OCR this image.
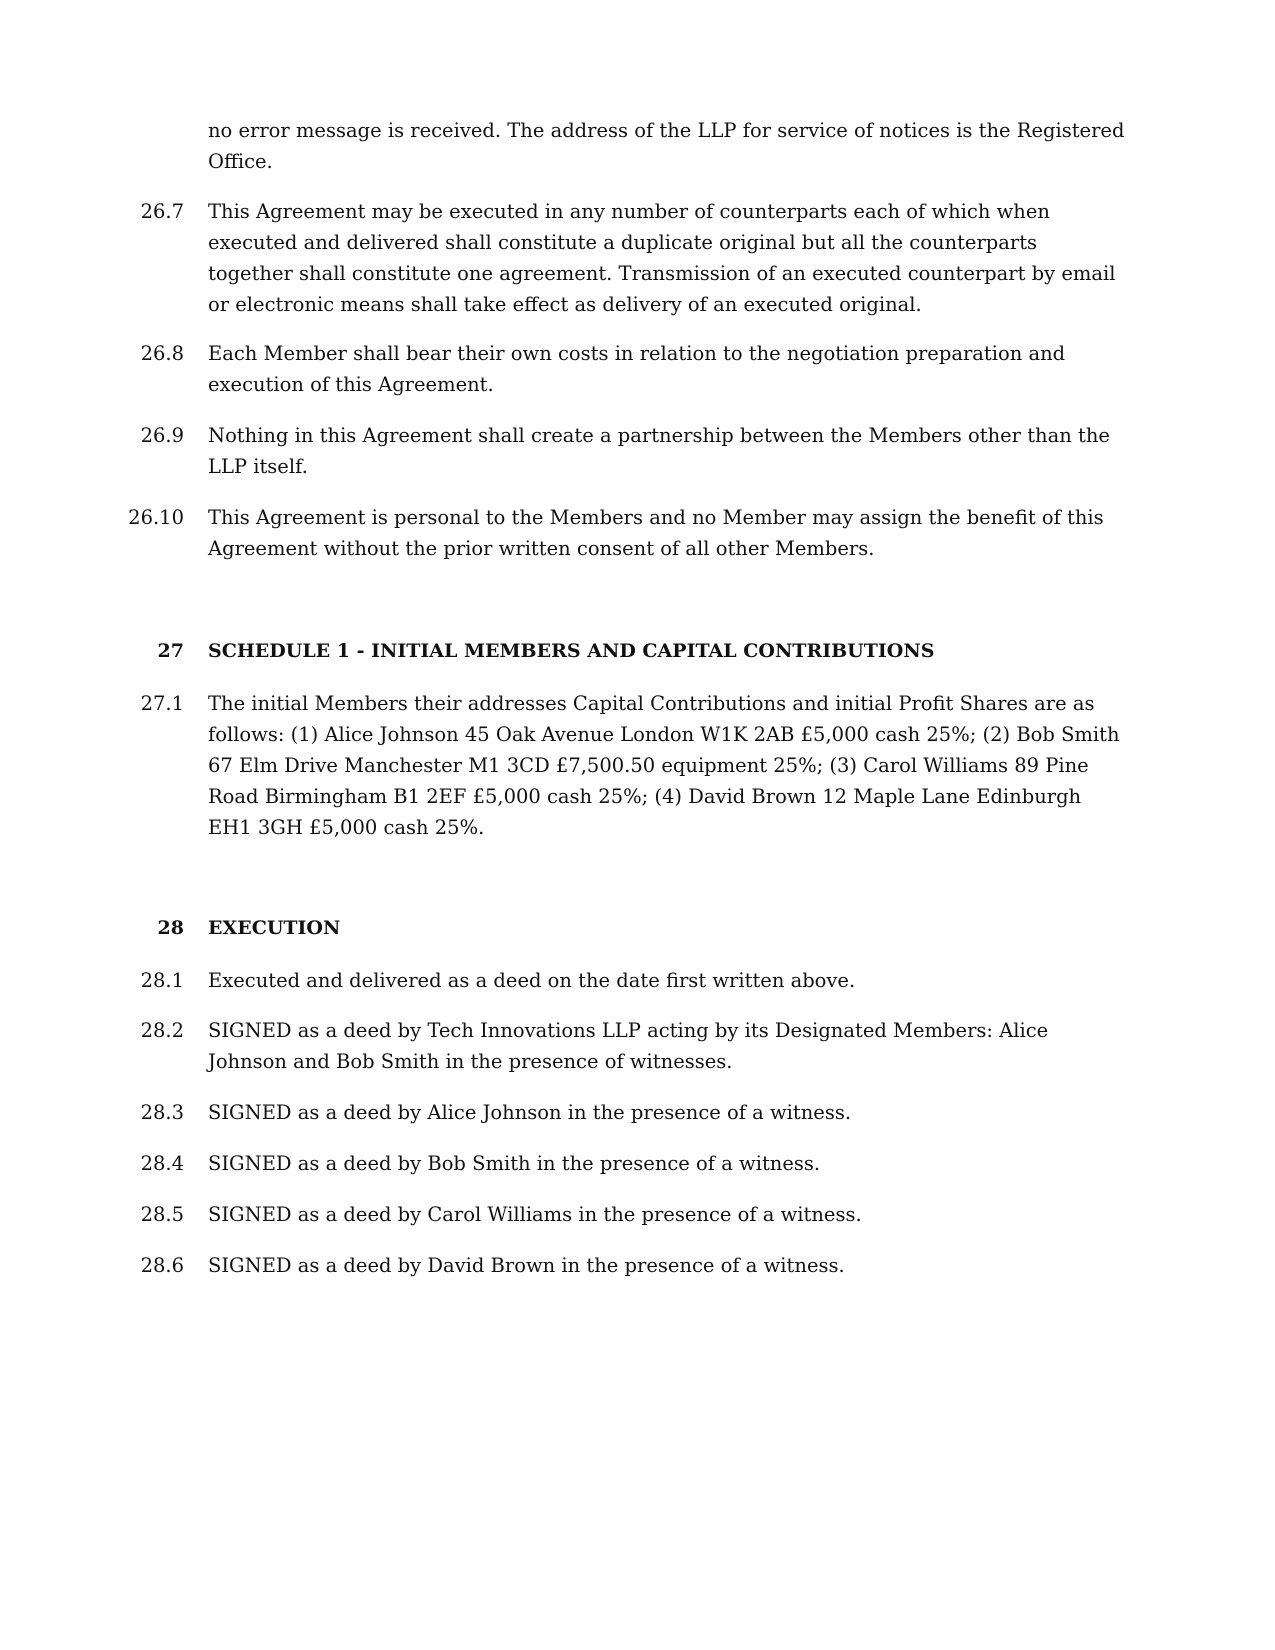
no error message is received. The address of the LLP for service of notices is the Registered Office.
26.7 This Agreement may be executed in any number of counterparts each of which when executed and delivered shall constitute a duplicate original but all the counterparts together shall constitute one agreement. Transmission of an executed counterpart by email or electronic means shall take effect as delivery of an executed original.
26.8 Each Member shall bear their own costs in relation to the negotiation preparation and execution of this Agreement.
26.9 Nothing in this Agreement shall create a partnership between the Members other than the LLP itself.
26.10 This Agreement is personal to the Members and no Member may assign the benefit of this Agreement without the prior written consent of all other Members.
27 SCHEDULE 1 - INITIAL MEMBERS AND CAPITAL CONTRIBUTIONS
27.1 The initial Members their addresses Capital Contributions and initial Profit Shares are as follows: (1) Alice Johnson 45 Oak Avenue London W1K 2AB £5,000 cash 25%; (2) Bob Smith 67 Elm Drive Manchester M1 3CD £7,500.50 equipment 25%; (3) Carol Williams 89 Pine Road Birmingham B1 2EF £5,000 cash 25%; (4) David Brown 12 Maple Lane Edinburgh EH1 3GH £5,000 cash 25%.
28 EXECUTION
28.1 Executed and delivered as a deed on the date first written above.
28.2 SIGNED as a deed by Tech Innovations LLP acting by its Designated Members: Alice Johnson and Bob Smith in the presence of witnesses.
28.3 SIGNED as a deed by Alice Johnson in the presence of a witness.
28.4 SIGNED as a deed by Bob Smith in the presence of a witness.
28.5 SIGNED as a deed by Carol Williams in the presence of a witness.
28.6 SIGNED as a deed by David Brown in the presence of a witness.
